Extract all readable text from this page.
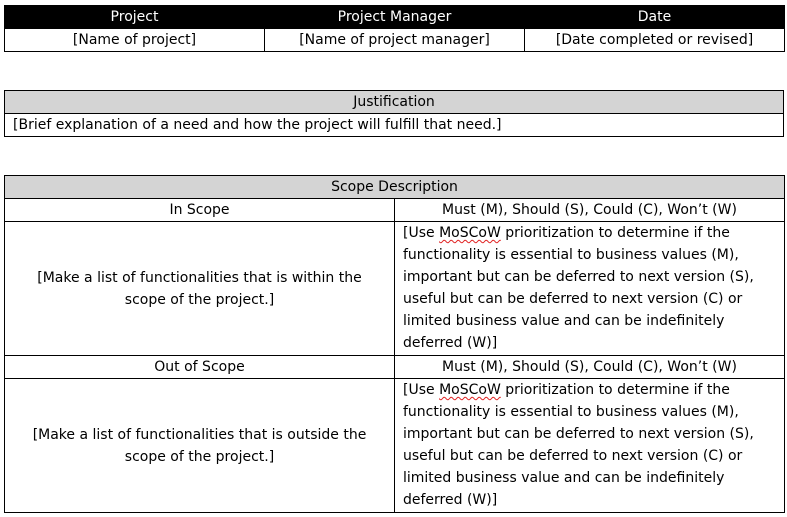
Project	Project Manager	Date
[Name of project]	[Name of project manager]	[Date completed or revised]
Justification
[Brief explanation of a need and how the project will fulfill that need.]
Scope Description	
In Scope	Must (M), Should (S), Could (C), Won’t (W)
[Make a list of functionalities that is within the scope of the project.]	[Use MoSCoW prioritization to determine if the functionality is essential to business values (M), important but can be deferred to next version (S), useful but can be deferred to next version (C) or limited business value and can be indefinitely deferred (W)]
Out of Scope	Must (M), Should (S), Could (C), Won’t (W)
[Make a list of functionalities that is outside the scope of the project.]	[Use MoSCoW prioritization to determine if the functionality is essential to business values (M), important but can be deferred to next version (S), useful but can be deferred to next version (C) or limited business value and can be indefinitely deferred (W)]
